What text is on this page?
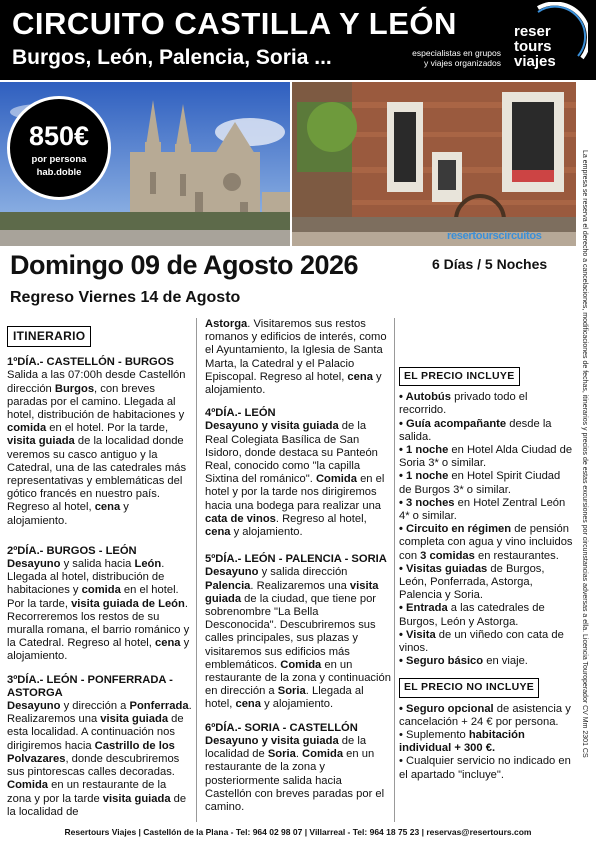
CIRCUITO CASTILLA Y LEÓN
Burgos, León, Palencia, Soria ...	especialistas en grupos
y viajes organizados
reser
tours
viajes
850€
por persona
hab.doble
resertourscircuitos
Domingo 09 de Agosto 2026	6 Días / 5 Noches
Regreso Viernes 14 de Agosto
ITINERARIO
1ºDÍA.- CASTELLÓN - BURGOS
Salida a las 07:00h desde Castellón dirección Burgos, con breves paradas por el camino. Llegada al hotel, distribución de habitaciones y comida en el hotel. Por la tarde, visita guiada de la localidad donde veremos su casco antiguo y la Catedral, una de las catedrales más representativas y emblemáticas del gótico francés en nuestro país. Regreso al hotel, cena y alojamiento.
2ºDÍA.- BURGOS - LEÓN
Desayuno y salida hacia León. Llegada al hotel, distribución de habitaciones y comida en el hotel. Por la tarde, visita guiada de León. Recorreremos los restos de su muralla romana, el barrio románico y la Catedral. Regreso al hotel, cena y alojamiento.
3ºDÍA.- LEÓN - PONFERRADA - ASTORGA
Desayuno y dirección a Ponferrada. Realizaremos una visita guiada de esta localidad. A continuación nos dirigiremos hacia Castrillo de los Polvazares, donde descubriremos sus pintorescas calles decoradas. Comida en un restaurante de la zona y por la tarde visita guiada de la localidad de
Astorga. Visitaremos sus restos romanos y edificios de interés, como el Ayuntamiento, la Iglesia de Santa Marta, la Catedral y el Palacio Episcopal. Regreso al hotel, cena y alojamiento.
4ºDÍA.- LEÓN
Desayuno y visita guiada de la Real Colegiata Basílica de San Isidoro, donde destaca su Panteón Real, conocido como "la capilla Sixtina del románico". Comida en el hotel y por la tarde nos dirigiremos hacia una bodega para realizar una cata de vinos. Regreso al hotel, cena y alojamiento.
5ºDÍA.- LEÓN - PALENCIA - SORIA
Desayuno y salida dirección Palencia. Realizaremos una visita guiada de la ciudad, que tiene por sobrenombre "La Bella Desconocida". Descubriremos sus calles principales, sus plazas y visitaremos sus edificios más emblemáticos. Comida en un restaurante de la zona y continuación en dirección a Soria. Llegada al hotel, cena y alojamiento.
6ºDÍA.- SORIA - CASTELLÓN
Desayuno y visita guiada de la localidad de Soria. Comida en un restaurante de la zona y posteriormente salida hacia Castellón con breves paradas por el camino.
EL PRECIO INCLUYE
• Autobús privado todo el recorrido.
• Guía acompañante desde la salida.
• 1 noche en Hotel Alda Ciudad de Soria 3* o similar.
• 1 noche en Hotel Spirit Ciudad de Burgos 3* o similar.
• 3 noches en Hotel Zentral León 4* o similar.
• Circuito en régimen de pensión completa con agua y vino incluidos con 3 comidas en restaurantes.
• Visitas guiadas de Burgos, León, Ponferrada, Astorga, Palencia y Soria.
• Entrada a las catedrales de Burgos, León y Astorga.
• Visita de un viñedo con cata de vinos.
• Seguro básico en viaje.
EL PRECIO NO INCLUYE
• Seguro opcional de asistencia y cancelación + 24 € por persona.
• Suplemento habitación individual + 300 €.
• Cualquier servicio no indicado en el apartado "incluye".
La empresa se reserva el derecho a cancelaciones, modificaciones de fechas, itinerarios y precios de estas excursiones por circunstancias adversas a ella. Licencia Touroperador CV Mm 2301 CS
Resertours Viajes | Castellón de la Plana - Tel: 964 02 98 07 | Villarreal - Tel: 964 18 75 23 | reservas@resertours.com
